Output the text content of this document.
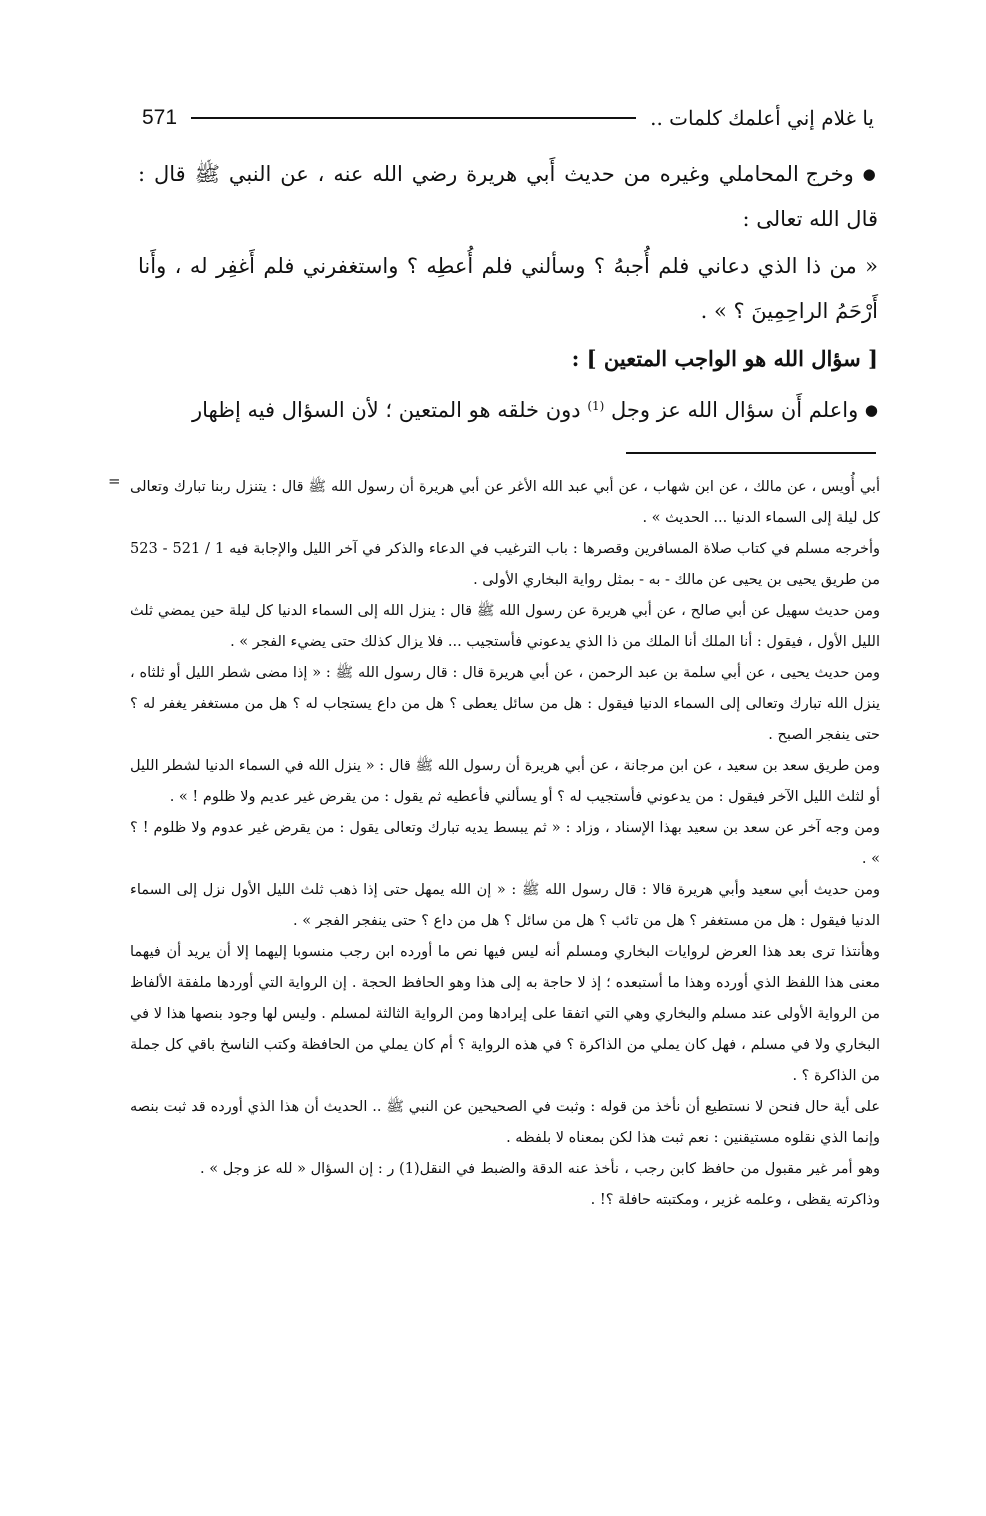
يا غلام إني أعلمك كلمات ..
571

● وخرج المحاملي وغيره من حديث أَبي هريرة رضي الله عنه ، عن النبي ﷺ قال : قال الله تعالى :

« من ذا الذي دعاني فلم أُجبهُ ؟ وسألني فلم أُعطِه ؟ واستغفرني فلم أَغفِر له ، وأَنا أَرْحَمُ الراحِمِينَ ؟ » .

[ سؤال الله هو الواجب المتعين ] :

● واعلم أَن سؤال الله عز وجل $^{(1)}$ دون خلقه هو المتعين ؛ لأن السؤال فيه إظهار

= أبي أُويس ، عن مالك ، عن ابن شهاب ، عن أبي عبد الله الأغر عن أبي هريرة أن رسول الله ﷺ قال : يتنزل ربنا تبارك وتعالى كل ليلة إلى السماء الدنيا ... الحديث » .

وأخرجه مسلم في كتاب صلاة المسافرين وقصرها : باب الترغيب في الدعاء والذكر في آخر الليل والإجابة فيه 1 / 521 - 523 من طريق يحيى بن يحيى عن مالك - به - بمثل رواية البخاري الأولى .

ومن حديث سهيل عن أبي صالح ، عن أبي هريرة عن رسول الله ﷺ قال : ينزل الله إلى السماء الدنيا كل ليلة حين يمضي ثلث الليل الأول ، فيقول : أنا الملك أنا الملك من ذا الذي يدعوني فأستجيب ... فلا يزال كذلك حتى يضيء الفجر » .

ومن حديث يحيى ، عن أبي سلمة بن عبد الرحمن ، عن أبي هريرة قال : قال رسول الله ﷺ : « إذا مضى شطر الليل أو ثلثاه ، ينزل الله تبارك وتعالى إلى السماء الدنيا فيقول : هل من سائل يعطى ؟ هل من داع يستجاب له ؟ هل من مستغفر يغفر له ؟ حتى ينفجر الصبح .

ومن طريق سعد بن سعيد ، عن ابن مرجانة ، عن أبي هريرة أن رسول الله ﷺ قال : « ينزل الله في السماء الدنيا لشطر الليل أو لثلث الليل الآخر فيقول : من يدعوني فأستجيب له ؟ أو يسألني فأعطيه ثم يقول : من يقرض غير عديم ولا ظلوم ! » .

ومن وجه آخر عن سعد بن سعيد بهذا الإسناد ، وزاد : « ثم يبسط يديه تبارك وتعالى يقول : من يقرض غير عدوم ولا ظلوم ! ؟ » .

ومن حديث أبي سعيد وأبي هريرة قالا : قال رسول الله ﷺ : « إن الله يمهل حتى إذا ذهب ثلث الليل الأول نزل إلى السماء الدنيا فيقول : هل من مستغفر ؟ هل من تائب ؟ هل من سائل ؟ هل من داع ؟ حتى ينفجر الفجر » .

وهأنتذا ترى بعد هذا العرض لروايات البخاري ومسلم أنه ليس فيها نص ما أورده ابن رجب منسوبا إليهما إلا أن يريد أن فيهما معنى هذا اللفظ الذي أورده وهذا ما أستبعده ؛ إذ لا حاجة به إلى هذا وهو الحافظ الحجة . إن الرواية التي أوردها ملفقة الألفاظ من الرواية الأولى عند مسلم والبخاري وهي التي اتفقا على إيرادها ومن الرواية الثالثة لمسلم . وليس لها وجود بنصها هذا لا في البخاري ولا في مسلم ، فهل كان يملي من الذاكرة ؟ في هذه الرواية ؟ أم كان يملي من الحافظة وكتب الناسخ باقي كل جملة من الذاكرة ؟ .

على أية حال فنحن لا نستطيع أن نأخذ من قوله : وثبت في الصحيحين عن النبي ﷺ .. الحديث أن هذا الذي أورده قد ثبت بنصه وإنما الذي نقلوه مستيقنين : نعم ثبت هذا لكن بمعناه لا بلفظه .

وهو أمر غير مقبول من حافظ كابن رجب ، نأخذ عنه الدقة والضبط في النقل وذاكرته يقظى ، وعلمه غزير ، ومكتبته حافلة ؟! .
(1) ر : إن السؤال « لله عز وجل » .
